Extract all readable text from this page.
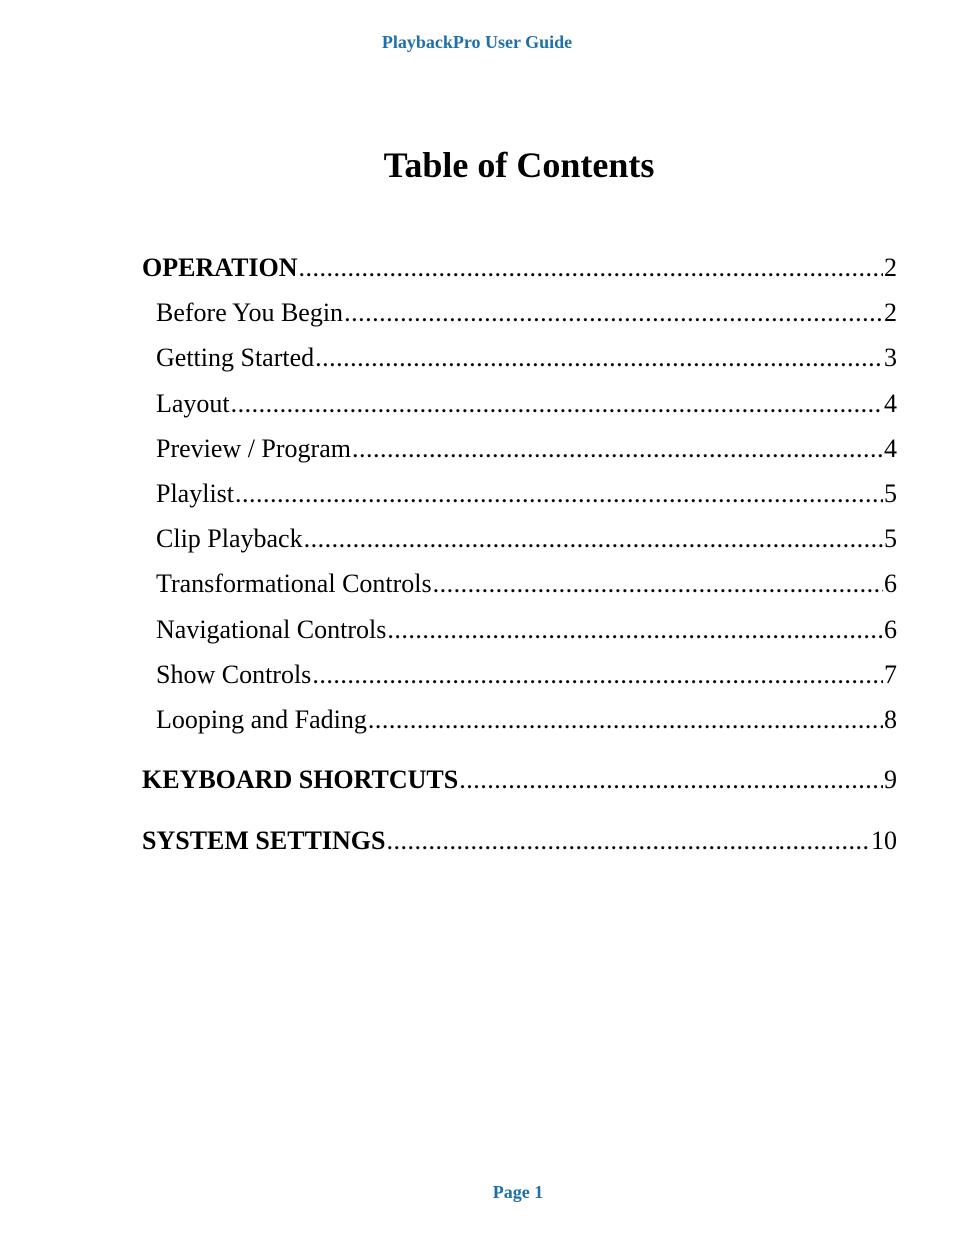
PlaybackPro User Guide
Table of Contents
OPERATION .....	2
Before You Begin .....	2
Getting Started .....	3
Layout .....	4
Preview / Program .....	4
Playlist .....	5
Clip Playback .....	5
Transformational Controls .....	6
Navigational Controls .....	6
Show Controls .....	7
Looping and Fading .....	8
KEYBOARD SHORTCUTS .....	9
SYSTEM SETTINGS .....	10
Page 1
